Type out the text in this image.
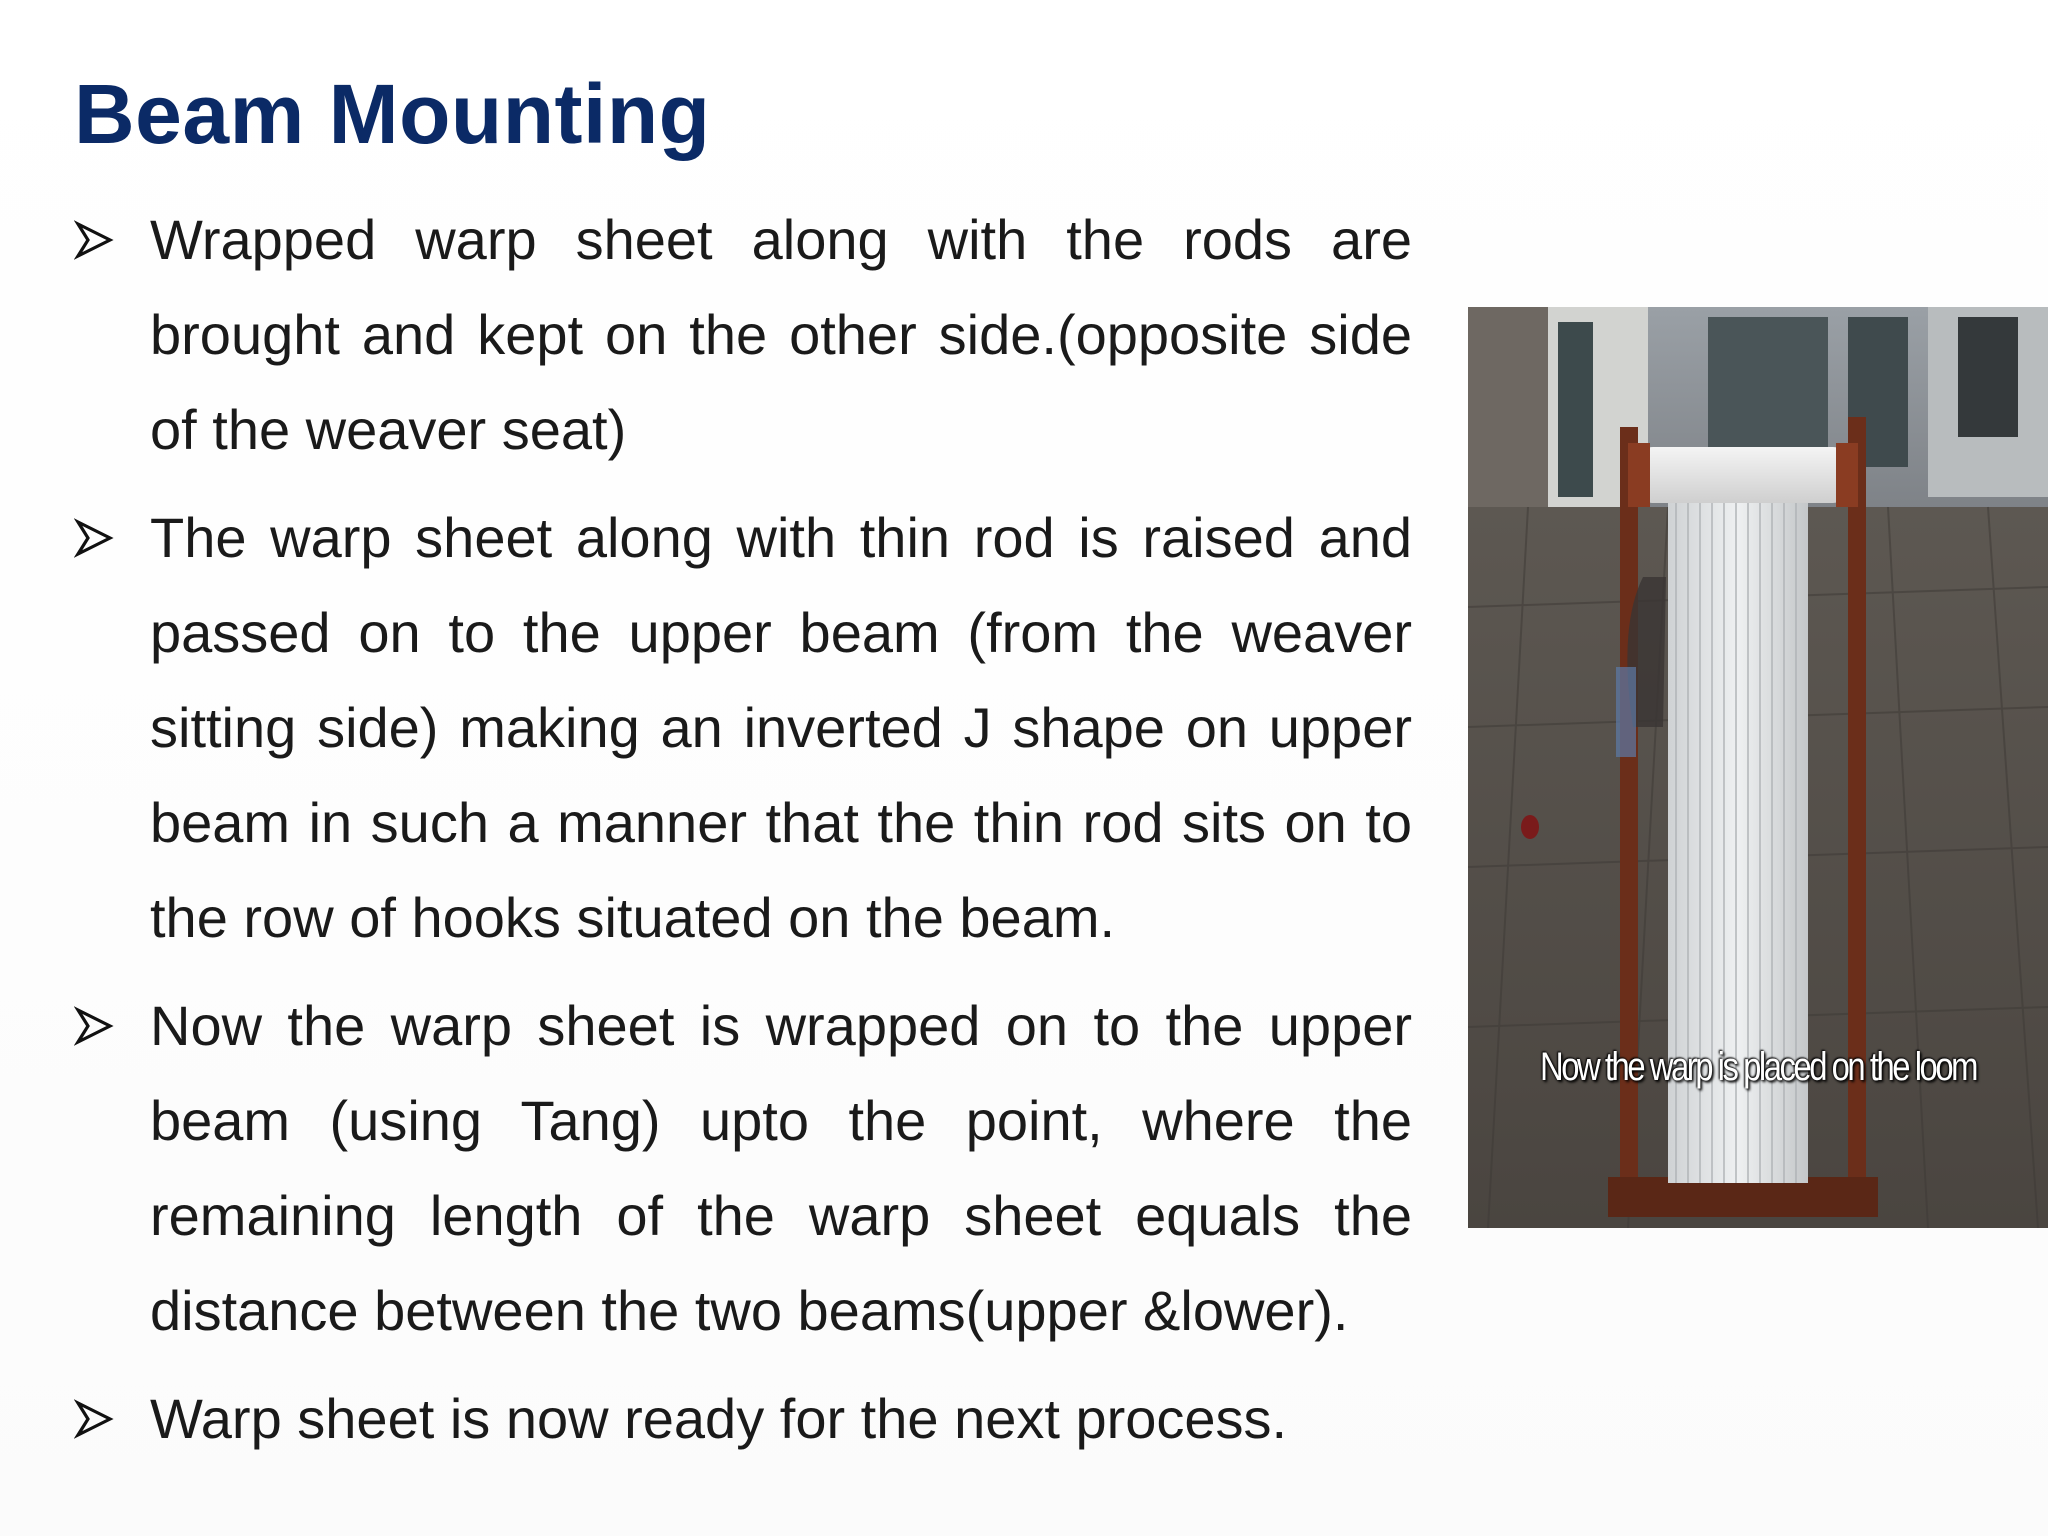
Beam Mounting
Wrapped warp sheet along with the rods are brought and kept on the other side.(opposite side of the weaver seat)
The warp sheet along with thin rod is raised and passed on to the upper beam (from the weaver sitting side) making an inverted J shape on upper beam in such a manner that the thin rod sits on to the row of hooks situated on the beam.
Now the warp sheet is wrapped on to the upper beam (using Tang) upto the point, where the remaining length of the warp sheet equals the distance between the two beams(upper &lower).
Warp sheet is now ready for the next process.
Now the warp is placed on the loom
